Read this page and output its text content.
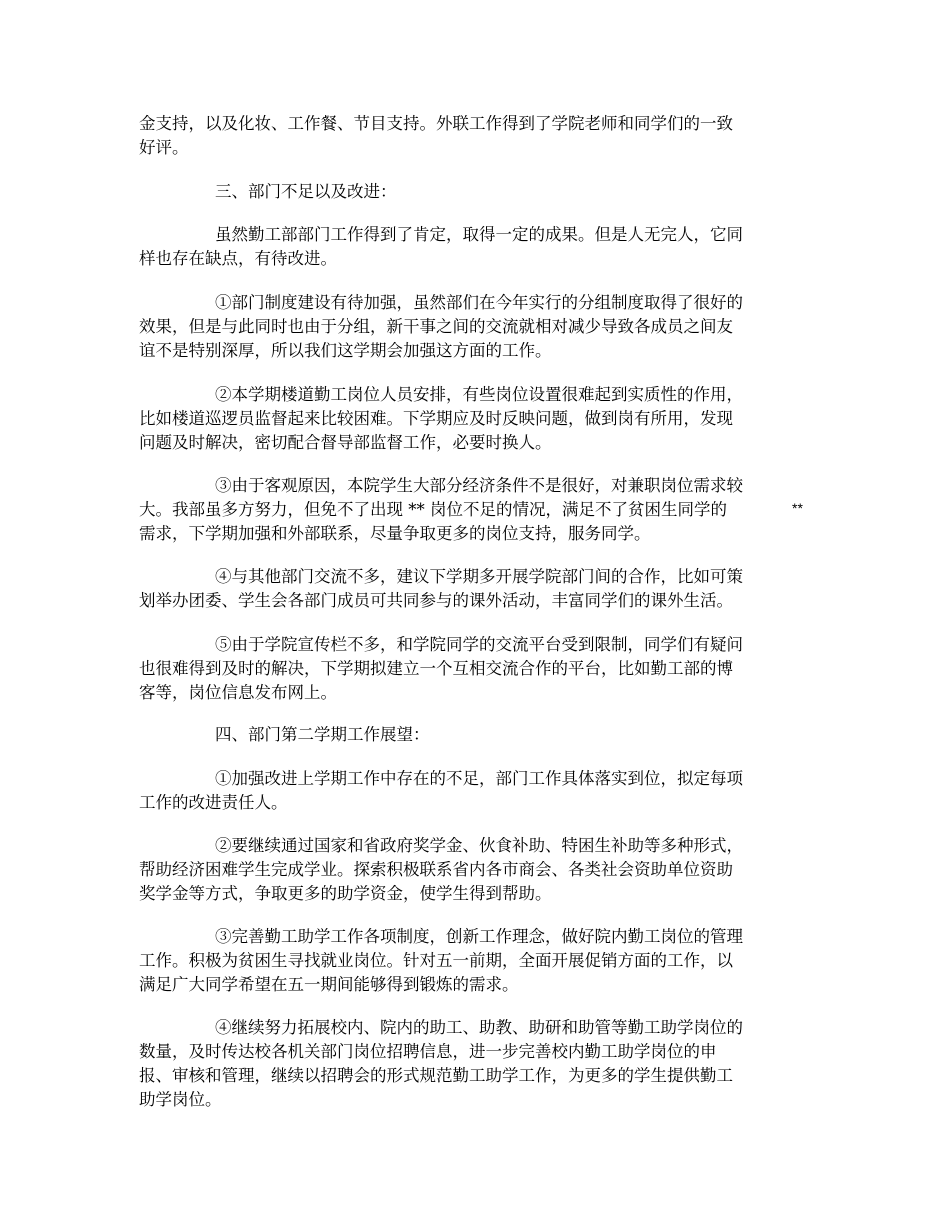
金支持，以及化妆、工作餐、节目支持。外联工作得到了学院老师和同学们的一致
好评。

三、部门不足以及改进：

虽然勤工部部门工作得到了肯定，取得一定的成果。但是人无完人，它同
样也存在缺点，有待改进。

①部门制度建设有待加强，虽然部们在今年实行的分组制度取得了很好的
效果，但是与此同时也由于分组，新干事之间的交流就相对减少导致各成员之间友
谊不是特别深厚，所以我们这学期会加强这方面的工作。

②本学期楼道勤工岗位人员安排，有些岗位设置很难起到实质性的作用，
比如楼道巡逻员监督起来比较困难。下学期应及时反映问题，做到岗有所用，发现
问题及时解决，密切配合督导部监督工作，必要时换人。

③由于客观原因，本院学生大部分经济条件不是很好，对兼职岗位需求较
大。我部虽多方努力，但免不了出现 ** 岗位不足的情况，满足不了贫困生同学的
需求，下学期加强和外部联系，尽量争取更多的岗位支持，服务同学。

**

④与其他部门交流不多，建议下学期多开展学院部门间的合作，比如可策
划举办团委、学生会各部门成员可共同参与的课外活动，丰富同学们的课外生活。

⑤由于学院宣传栏不多，和学院同学的交流平台受到限制，同学们有疑问
也很难得到及时的解决，下学期拟建立一个互相交流合作的平台，比如勤工部的博
客等，岗位信息发布网上。

四、部门第二学期工作展望：

①加强改进上学期工作中存在的不足，部门工作具体落实到位，拟定每项
工作的改进责任人。

②要继续通过国家和省政府奖学金、伙食补助、特困生补助等多种形式，
帮助经济困难学生完成学业。探索积极联系省内各市商会、各类社会资助单位资助
奖学金等方式，争取更多的助学资金，使学生得到帮助。

③完善勤工助学工作各项制度，创新工作理念，做好院内勤工岗位的管理
工作。积极为贫困生寻找就业岗位。针对五一前期，全面开展促销方面的工作，以
满足广大同学希望在五一期间能够得到锻炼的需求。

④继续努力拓展校内、院内的助工、助教、助研和助管等勤工助学岗位的
数量，及时传达校各机关部门岗位招聘信息，进一步完善校内勤工助学岗位的申
报、审核和管理，继续以招聘会的形式规范勤工助学工作，为更多的学生提供勤工
助学岗位。
